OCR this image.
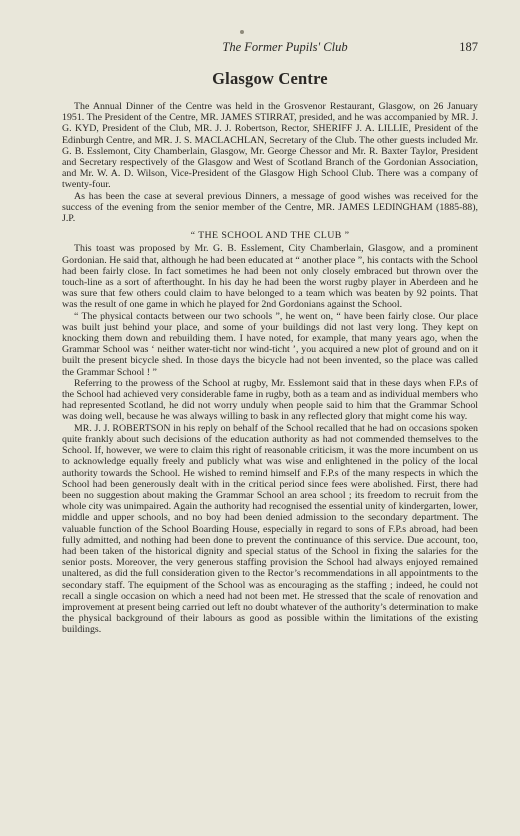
The Former Pupils' Club	187
Glasgow Centre

The Annual Dinner of the Centre was held in the Grosvenor Restaurant, Glasgow, on 26 January 1951. The President of the Centre, MR. JAMES STIRRAT, presided, and he was accompanied by MR. J. G. KYD, President of the Club, MR. J. J. Robertson, Rector, SHERIFF J. A. LILLIE, President of the Edinburgh Centre, and MR. J. S. MACLACHLAN, Secretary of the Club. The other guests included Mr. G. B. Esslemont, City Chamberlain, Glasgow, Mr. George Chessor and Mr. R. Baxter Taylor, President and Secretary respectively of the Glasgow and West of Scotland Branch of the Gordonian Association, and Mr. W. A. D. Wilson, Vice-President of the Glasgow High School Club. There was a company of twenty-four.

As has been the case at several previous Dinners, a message of good wishes was received for the success of the evening from the senior member of the Centre, MR. JAMES LEDINGHAM (1885-88), J.P.

“ THE SCHOOL AND THE CLUB ”

This toast was proposed by Mr. G. B. Esslement, City Chamberlain, Glasgow, and a prominent Gordonian. He said that, although he had been educated at “ another place ”, his contacts with the School had been fairly close. In fact sometimes he had been not only closely embraced but thrown over the touch-line as a sort of afterthought. In his day he had been the worst rugby player in Aberdeen and he was sure that few others could claim to have belonged to a team which was beaten by 92 points. That was the result of one game in which he played for 2nd Gordonians against the School.

“ The physical contacts between our two schools ”, he went on, “ have been fairly close. Our place was built just behind your place, and some of your buildings did not last very long. They kept on knocking them down and rebuilding them. I have noted, for example, that many years ago, when the Grammar School was ‘ neither water-ticht nor wind-ticht ’, you acquired a new plot of ground and on it built the present bicycle shed. In those days the bicycle had not been invented, so the place was called the Grammar School ! ”

Referring to the prowess of the School at rugby, Mr. Esslemont said that in these days when F.P.s of the School had achieved very considerable fame in rugby, both as a team and as individual members who had represented Scotland, he did not worry unduly when people said to him that the Grammar School was doing well, because he was always willing to bask in any reflected glory that might come his way.

MR. J. J. ROBERTSON in his reply on behalf of the School recalled that he had on occasions spoken quite frankly about such decisions of the education authority as had not commended themselves to the School. If, however, we were to claim this right of reasonable criticism, it was the more incumbent on us to acknowledge equally freely and publicly what was wise and enlightened in the policy of the local authority towards the School. He wished to remind himself and F.P.s of the many respects in which the School had been generously dealt with in the critical period since fees were abolished. First, there had been no suggestion about making the Grammar School an area school ; its freedom to recruit from the whole city was unimpaired. Again the authority had recognised the essential unity of kindergarten, lower, middle and upper schools, and no boy had been denied admission to the secondary department. The valuable function of the School Boarding House, especially in regard to sons of F.P.s abroad, had been fully admitted, and nothing had been done to prevent the continuance of this service. Due account, too, had been taken of the historical dignity and special status of the School in fixing the salaries for the senior posts. Moreover, the very generous staffing provision the School had always enjoyed remained unaltered, as did the full consideration given to the Rector’s recommendations in all appointments to the secondary staff. The equipment of the School was as encouraging as the staffing ; indeed, he could not recall a single occasion on which a need had not been met. He stressed that the scale of renovation and improvement at present being carried out left no doubt whatever of the authority’s determination to make the physical background of their labours as good as possible within the limitations of the existing buildings.
